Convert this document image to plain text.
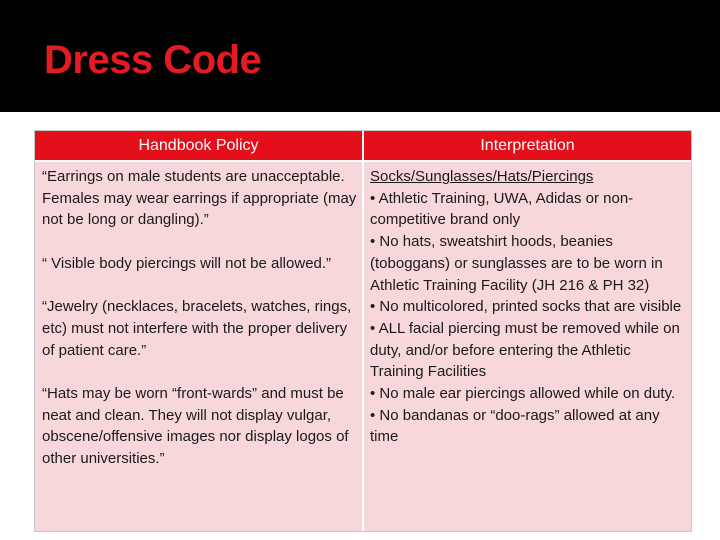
Dress Code
Handbook Policy	Interpretation

“Earrings on male students are unacceptable. Females may wear earrings if appropriate (may not be long or dangling).”

“ Visible body piercings will not be allowed.”

“Jewelry (necklaces, bracelets, watches, rings, etc) must not interfere with the proper delivery of patient care.”

“Hats may be worn “front-wards” and must be neat and clean. They will not display vulgar, obscene/offensive images nor display logos of other universities.”

Socks/Sunglasses/Hats/Piercings
• Athletic Training, UWA, Adidas or non-competitive brand only
• No hats, sweatshirt hoods, beanies (toboggans) or sunglasses are to be worn in Athletic Training Facility (JH 216 & PH 32)
• No multicolored, printed socks that are visible
• ALL facial piercing must be removed while on duty, and/or before entering the Athletic Training Facilities
• No male ear piercings allowed while on duty.
• No bandanas or “doo-rags” allowed at any time
